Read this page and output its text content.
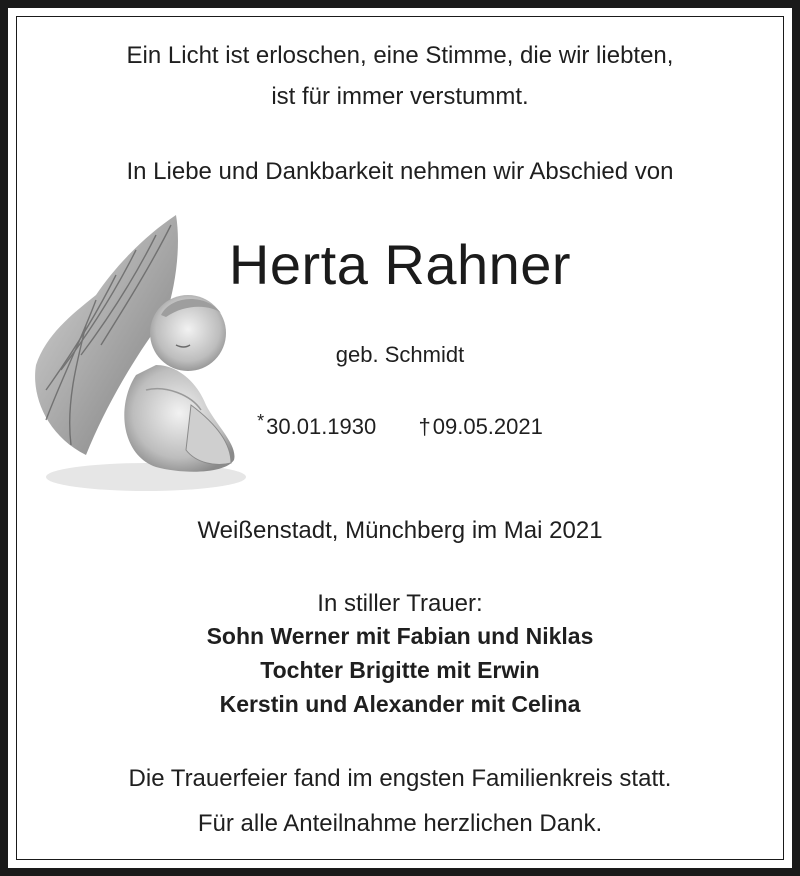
Ein Licht ist erloschen, eine Stimme, die wir liebten,

ist für immer verstummt.

In Liebe und Dankbarkeit nehmen wir Abschied von

Herta Rahner

geb. Schmidt

*30.01.1930 †09.05.2021

Weißenstadt, Münchberg im Mai 2021

In stiller Trauer:

Sohn Werner mit Fabian und Niklas

Tochter Brigitte mit Erwin

Kerstin und Alexander mit Celina

Die Trauerfeier fand im engsten Familienkreis statt.

Für alle Anteilnahme herzlichen Dank.
